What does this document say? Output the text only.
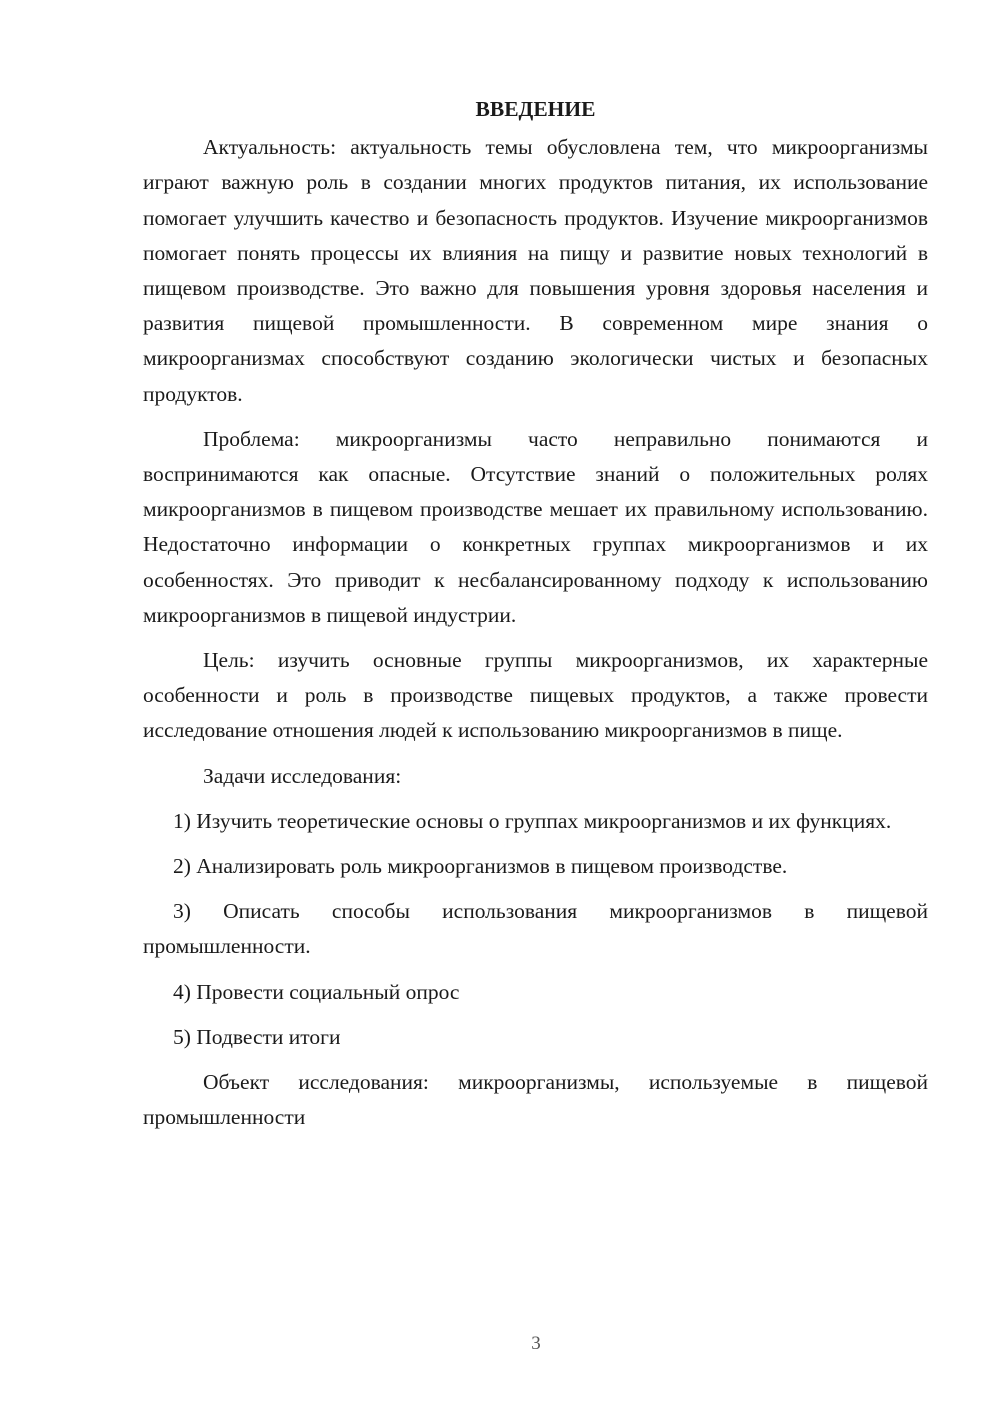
ВВЕДЕНИЕ

Актуальность: актуальность темы обусловлена тем, что микроорганизмы играют важную роль в создании многих продуктов питания, их использование помогает улучшить качество и безопасность продуктов. Изучение микроорганизмов помогает понять процессы их влияния на пищу и развитие новых технологий в пищевом производстве. Это важно для повышения уровня здоровья населения и развития пищевой промышленности. В современном мире знания о микроорганизмах способствуют созданию экологически чистых и безопасных продуктов.

Проблема: микроорганизмы часто неправильно понимаются и воспринимаются как опасные. Отсутствие знаний о положительных ролях микроорганизмов в пищевом производстве мешает их правильному использованию. Недостаточно информации о конкретных группах микроорганизмов и их особенностях. Это приводит к несбалансированному подходу к использованию микроорганизмов в пищевой индустрии.

Цель: изучить основные группы микроорганизмов, их характерные особенности и роль в производстве пищевых продуктов, а также провести исследование отношения людей к использованию микроорганизмов в пище.

Задачи исследования:

1) Изучить теоретические основы о группах микроорганизмов и их функциях.

2) Анализировать роль микроорганизмов в пищевом производстве.

3) Описать способы использования микроорганизмов в пищевой промышленности.

4) Провести социальный опрос

5) Подвести итоги

Объект исследования: микроорганизмы, используемые в пищевой промышленности

3
